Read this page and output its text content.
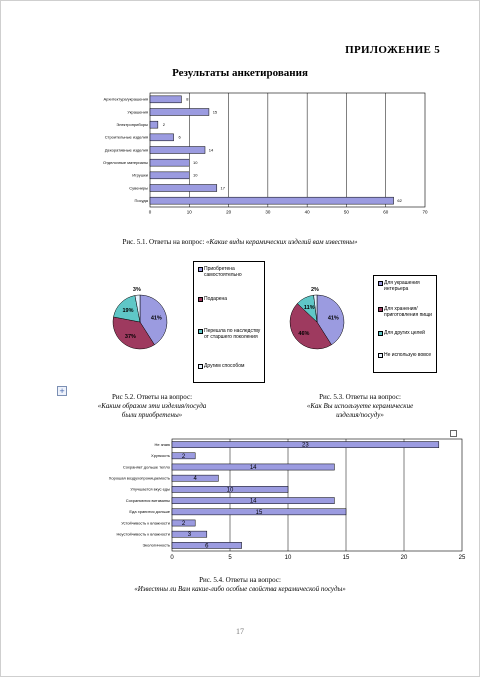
ПРИЛОЖЕНИЕ 5
Результаты анкетирования
0	10	20	30	40	50	60	70
Архитектура/украшения	8
Украшения	15
Электроприборы	2
Строительные изделия	6
Декоративные изделия	14
Отделочные материалы	10
Игрушки	10
Сувениры	17
Посуда	62
Рис. 5.1. Ответы на вопрос: «Какие виды керамических изделий вам известны»
41%
37%
19%
3%
Приобретена самостоятельно
Подарена
Перешла по наследству от старшего поколения
Другим способом
41%
46%
11%
2%
Для украшения интерьера
Для хранения/приготовления пищи
Для других целей
Не использую вовсе
+
Рис 5.2. Ответы на вопрос:
«Каким образом эти изделия/посуда
были приобретены»
Рис. 5.3. Ответы на вопрос:
«Как Вы используете керамические
изделия/посуду»
0	5	10	15	20	25
Не знаю	23
Хрупкость 2
Сохраняет дольше тепло	14
Хорошая воздухопроницаемость	4
Улучшается вкус еды	10
Сохраняются витамины	14
Еда хранится дольше	15
Устойчивость к влажности 2
Неустойчивость к влажности	3
Экологичность	6
Рис. 5.4. Ответы на вопрос:
«Известны ли Вам какие-либо особые свойства керамической посуды»
17
